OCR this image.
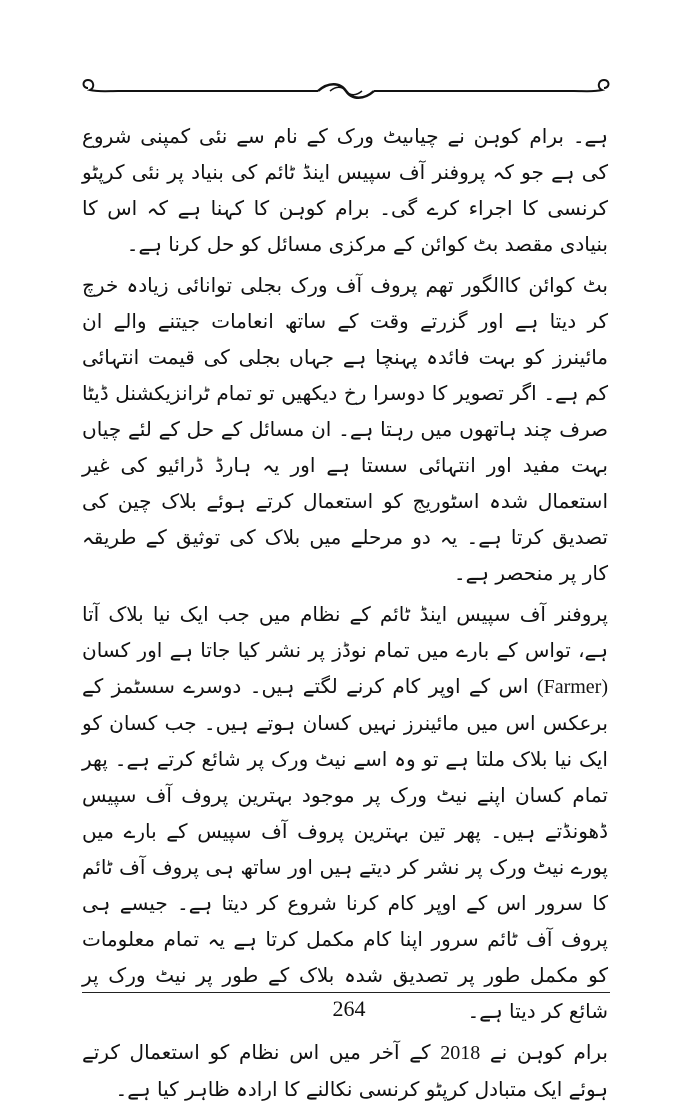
ہے۔ برام کوہن نے چیاںیٹ ورک کے نام سے نئی کمپنی شروع کی ہے جو کہ پروفنر آف سپیس اینڈ ٹائم کی بنیاد پر نئی کرپٹو کرنسی کا اجراء کرے گی۔ برام کوہن کا کہنا ہے کہ اس کا بنیادی مقصد بٹ کوائن کے مرکزی مسائل کو حل کرنا ہے۔

بٹ کوائن کاالگور تھم پروف آف ورک بجلی توانائی زیادہ خرچ کر دیتا ہے اور گزرتے وقت کے ساتھ انعامات جیتنے والے ان مائینرز کو بہت فائدہ پہنچا ہے جہاں بجلی کی قیمت انتہائی کم ہے۔ اگر تصویر کا دوسرا رخ دیکھیں تو تمام ٹرانزیکشنل ڈیٹا صرف چند ہاتھوں میں رہتا ہے۔ ان مسائل کے حل کے لئے چیاں بہت مفید اور انتہائی سستا ہے اور یہ ہارڈ ڈرائیو کی غیر استعمال شدہ اسٹوریج کو استعمال کرتے ہوئے بلاک چین کی تصدیق کرتا ہے۔ یہ دو مرحلے میں بلاک کی توثیق کے طریقہ کار پر منحصر ہے۔

پروفنر آف سپیس اینڈ ٹائم کے نظام میں جب ایک نیا بلاک آتا ہے، تواس کے بارے میں تمام نوڈز پر نشر کیا جاتا ہے اور کسان (Farmer) اس کے اوپر کام کرنے لگتے ہیں۔ دوسرے سسٹمز کے برعکس اس میں مائینرز نہیں کسان ہوتے ہیں۔ جب کسان کو ایک نیا بلاک ملتا ہے تو وہ اسے نیٹ ورک پر شائع کرتے ہے۔ پھر تمام کسان اپنے نیٹ ورک پر موجود بہترین پروف آف سپیس ڈھونڈتے ہیں۔ پھر تین بہترین پروف آف سپیس کے بارے میں پورے نیٹ ورک پر نشر کر دیتے ہیں اور ساتھ ہی پروف آف ٹائم کا سرور اس کے اوپر کام کرنا شروع کر دیتا ہے۔ جیسے ہی پروف آف ٹائم سرور اپنا کام مکمل کرتا ہے یہ تمام معلومات کو مکمل طور پر تصدیق شدہ بلاک کے طور پر نیٹ ورک پر شائع کر دیتا ہے۔

برام کوہن نے 2018 کے آخر میں اس نظام کو استعمال کرتے ہوئے ایک متبادل کرپٹو کرنسی نکالنے کا ارادہ ظاہر کیا ہے۔

264
